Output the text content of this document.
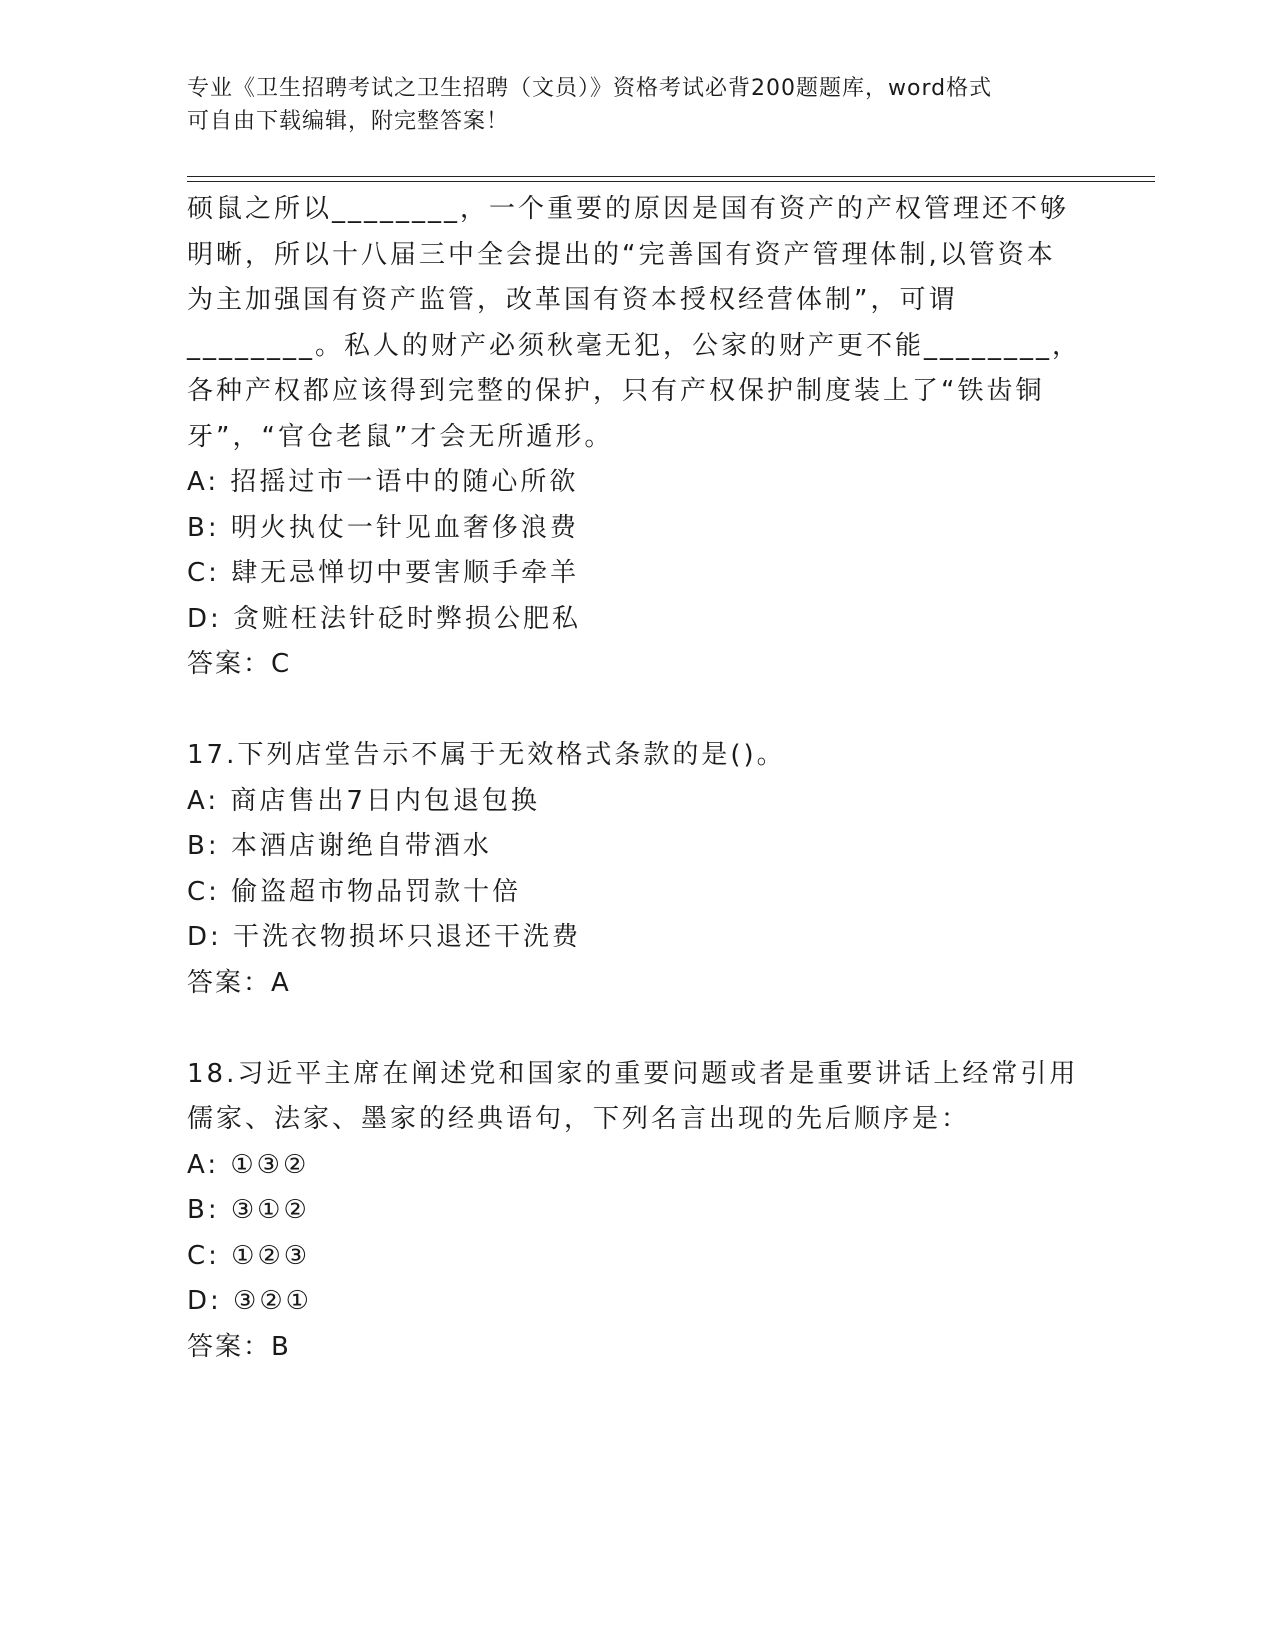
专业《卫生招聘考试之卫生招聘（文员）》资格考试必背200题题库，word格式
可自由下载编辑，附完整答案！
硕鼠之所以________，一个重要的原因是国有资产的产权管理还不够
明晰，所以十八届三中全会提出的“完善国有资产管理体制,以管资本
为主加强国有资产监管，改革国有资本授权经营体制”，可谓
________。私人的财产必须秋毫无犯，公家的财产更不能________，
各种产权都应该得到完整的保护，只有产权保护制度装上了“铁齿铜
牙”，“官仓老鼠”才会无所遁形。
A: 招摇过市一语中的随心所欲
B: 明火执仗一针见血奢侈浪费
C: 肆无忌惮切中要害顺手牵羊
D: 贪赃枉法针砭时弊损公肥私
答案：C
17.下列店堂告示不属于无效格式条款的是()。
A: 商店售出7日内包退包换
B: 本酒店谢绝自带酒水
C: 偷盗超市物品罚款十倍
D: 干洗衣物损坏只退还干洗费
答案：A
18.习近平主席在阐述党和国家的重要问题或者是重要讲话上经常引用
儒家、法家、墨家的经典语句，下列名言出现的先后顺序是：
A: ①③②
B: ③①②
C: ①②③
D: ③②①
答案：B
